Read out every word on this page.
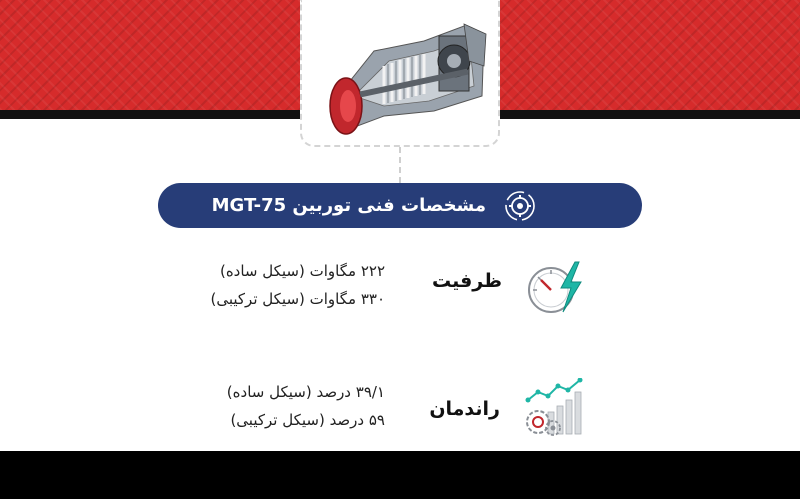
مشخصات فنی توربین MGT-75
ظرفیت
۲۲۲ مگاوات (سیکل ساده)
۳۳۰ مگاوات (سیکل ترکیبی)
راندمان
۳۹/۱ درصد (سیکل ساده)
۵۹ درصد (سیکل ترکیبی)
